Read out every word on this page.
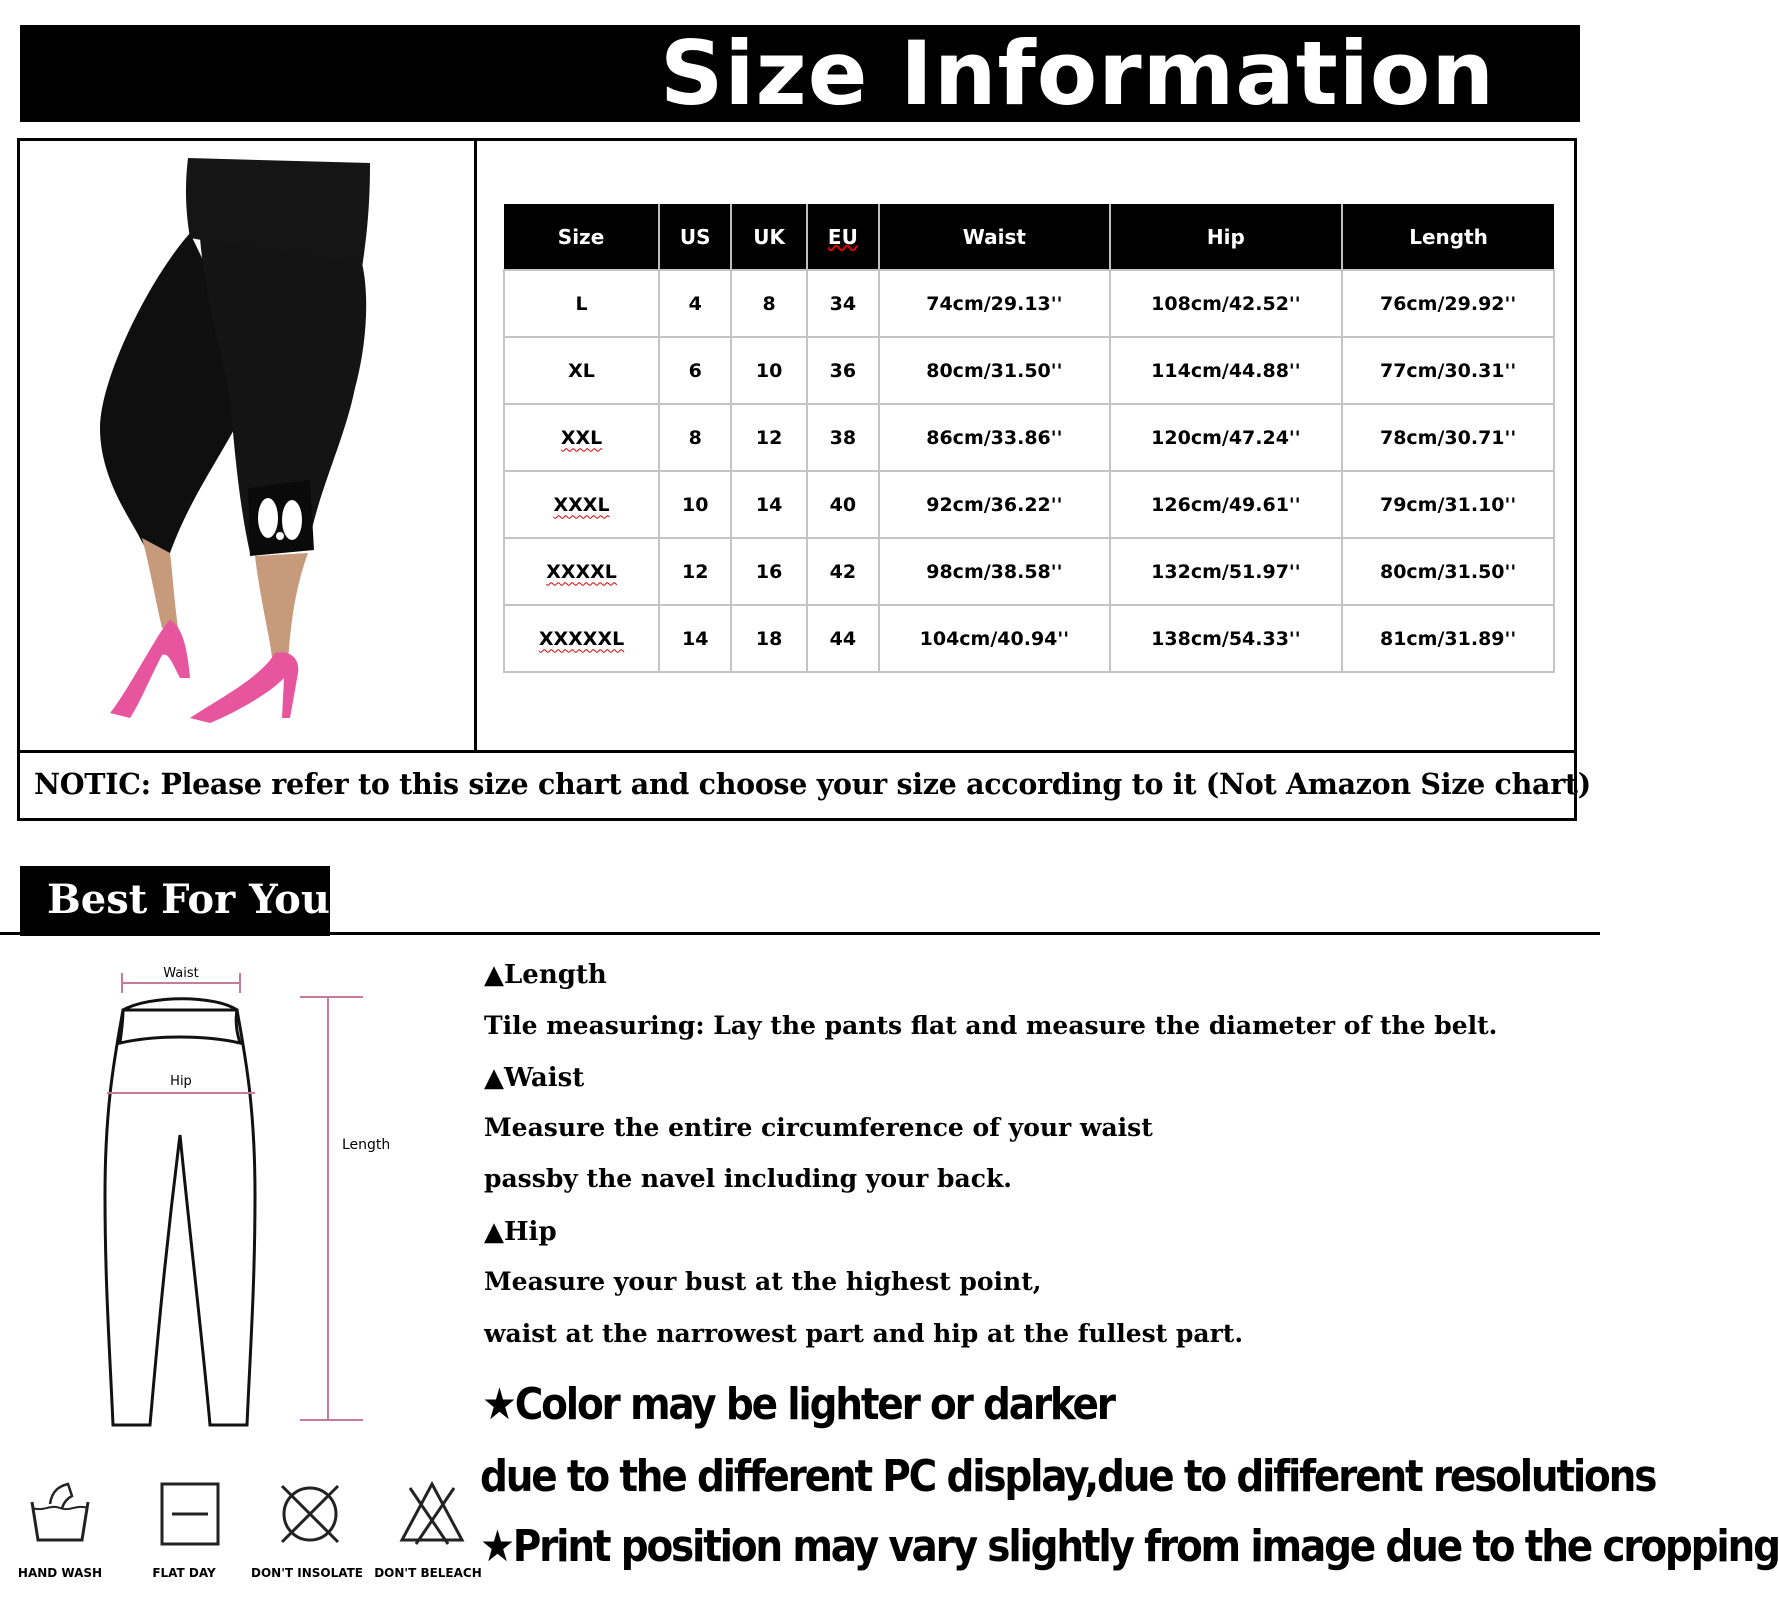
Size Information
NOTIC: Please refer to this size chart and choose your size according to it (Not Amazon Size chart)
Size	US	UK	EU	Waist	Hip	Length
L	4	8	34	74cm/29.13''	108cm/42.52''	76cm/29.92''
XL	6	10	36	80cm/31.50''	114cm/44.88''	77cm/30.31''
XXL	8	12	38	86cm/33.86''	120cm/47.24''	78cm/30.71''
XXXL	10	14	40	92cm/36.22''	126cm/49.61''	79cm/31.10''
XXXXL	12	16	42	98cm/38.58''	132cm/51.97''	80cm/31.50''
XXXXXL	14	18	44	104cm/40.94''	138cm/54.33''	81cm/31.89''
Best For You
Waist
Hip
Length
HAND WASH	FLAT DAY	DON'T INSOLATE DON'T BELEACH
▲Length
Tile measuring: Lay the pants flat and measure the diameter of the belt.
▲Waist
Measure the entire circumference of your waist
passby the navel including your back.
▲Hip
Measure your bust at the highest point,
waist at the narrowest part and hip at the fullest part.
★Color may be lighter or darker
due to the different PC display,due to dififerent resolutions
★Print position may vary slightly from image due to the cropping
